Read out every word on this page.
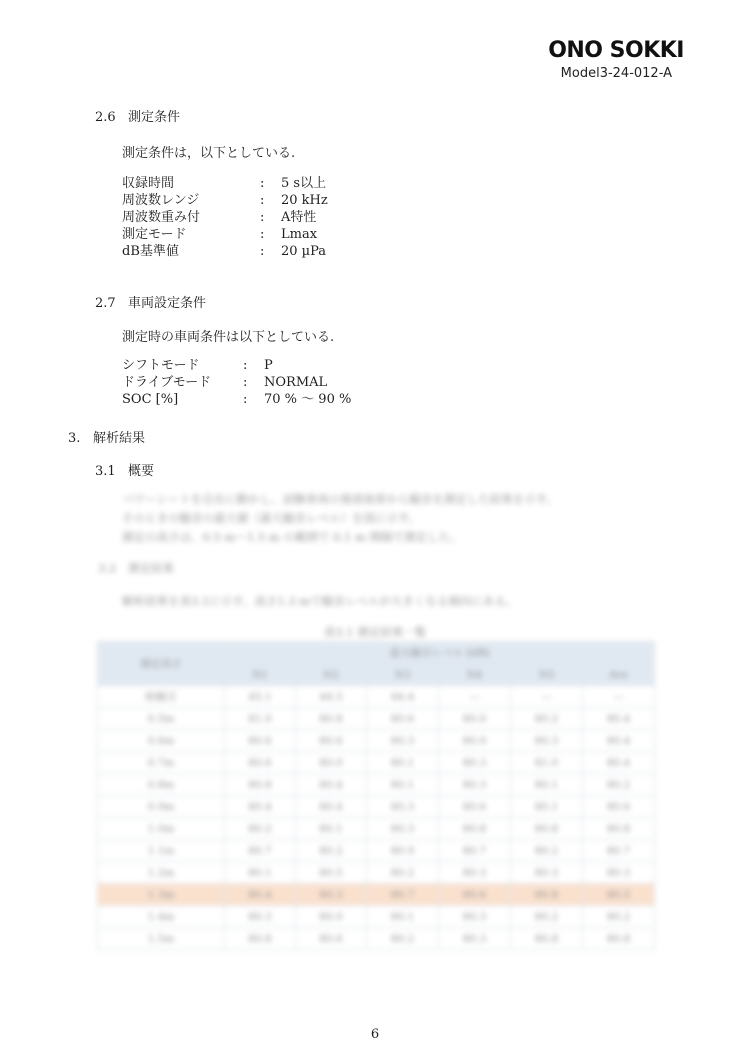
ONO SOKKI
Model3-24-012-A
2.6 測定条件
測定条件は，以下としている.
収録時間	: 5 s以上
周波数レンジ	: 20 kHz
周波数重み付	: A特性
測定モード	:Lmax
dB基準値	: 20 µPa
2.7 車両設定条件
測定時の車両条件は以下としている.
シフトモード	: P
ドライブモード : NORMAL
SOC [%]	:70 % ～ 90 %
3. 解析結果
3.1 概要
パワーシートを自在に動かし、試験車両の後部座席から騒音を測定した結果を示す。
そのときの騒音の最大値（最大騒音レベル）を図に示す。
測定の高さは、0.5 m～1.5 m の範囲で 0.1 m 間隔で測定した。
3.2 測定結果
解析結果を表3.1に示す。高さ1.3 mで騒音レベルが大きくなる傾向にある。
表3.1 測定結果一覧
測定高さ	最大騒音レベル [dB]					
	N1	N2	N3	N4	N5	Ave
暗騒音	45.1	44.5	44.4	—	—	—
0.5m	81.0	80.8	80.6	80.0	80.2	80.4
0.6m	80.6	80.6	80.3	80.0	80.3	80.4
0.7m	80.6	80.0	80.1	80.3	81.0	80.4
0.8m	80.8	80.4	80.1	80.3	80.1	80.2
0.9m	80.4	80.4	80.3	80.6	80.1	80.6
1.0m	80.2	80.1	80.3	80.8	80.8	80.8
1.1m	80.7	80.2	80.9	80.7	80.2	80.7
1.2m	80.1	80.5	80.2	80.3	80.3	80.3
1.3m	80.4	80.3	80.7	80.6	80.8	80.5
1.4m	80.3	80.0	80.1	80.3	80.2	80.2
1.5m	80.8	80.6	80.2	80.3	80.8	80.8
6
